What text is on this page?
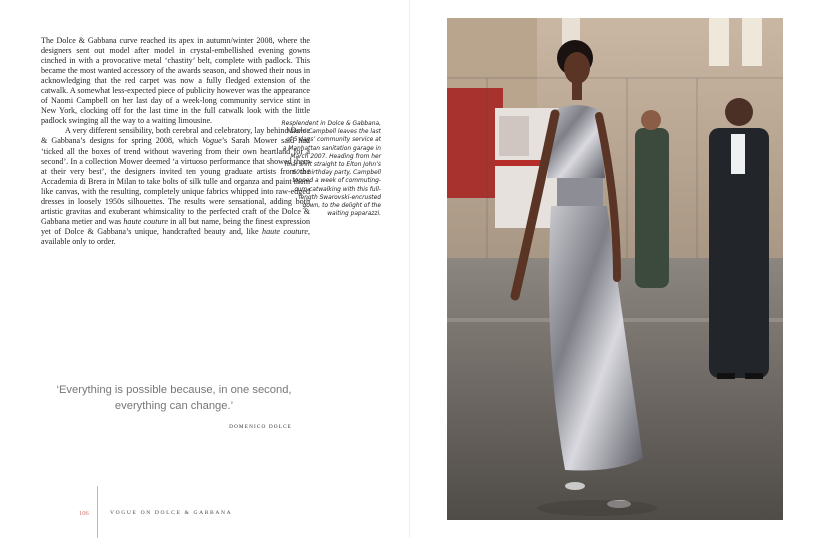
The Dolce & Gabbana curve reached its apex in autumn/winter 2008, where the designers sent out model after model in crystal-embellished evening gowns cinched in with a provocative metal ‘chastity’ belt, complete with padlock. This became the most wanted accessory of the awards season, and showed their nous in acknowledging that the red carpet was now a fully fledged extension of the catwalk. A somewhat less-expected piece of publicity however was the appearance of Naomi Campbell on her last day of a week-long community service stint in New York, clocking off for the last time in the full catwalk look with the little padlock swinging all the way to a waiting limousine.

A very different sensibility, both cerebral and celebratory, lay behind Dolce & Gabbana’s designs for spring 2008, which Vogue’s Sarah Mower said had ‘ticked all the boxes of trend without wavering from their own heartland for a second’. In a collection Mower deemed ‘a virtuoso performance that showed them at their very best’, the designers invited ten young graduate artists from the Accademia di Brera in Milan to take bolts of silk tulle and organza and paint them like canvas, with the resulting, completely unique fabrics whipped into raw-edged dresses in loosely 1950s silhouettes. The results were sensational, adding both artistic gravitas and exuberant whimsicality to the perfected craft of the Dolce & Gabbana metier and was haute couture in all but name, being the finest expression yet of Dolce & Gabbana’s unique, handcrafted beauty and, like haute couture, available only to order.

Resplendent in Dolce & Gabbana, Naomi Campbell leaves the last of 5 days’ community service at a Manhattan sanitation garage in March 2007. Heading from her final shift straight to Elton John’s 60th birthday party, Campbell topped a week of commuting-cum-catwalking with this full-length Swarovski-encrusted gown, to the delight of the waiting paparazzi.
‘Everything is possible because, in one second, everything can change.’
DOMENICO DOLCE
106	VOGUE ON DOLCE & GABBANA
